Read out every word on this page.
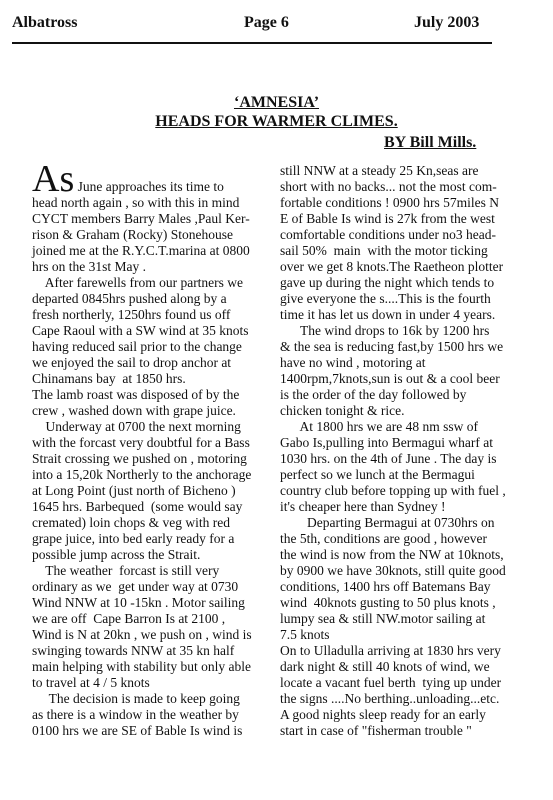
Albatross	Page 6	July 2003
‘AMNESIA’
HEADS FOR WARMER CLIMES.
BY Bill Mills.
As June approaches its time to
head north again , so with this in mind
CYCT members Barry Males ,Paul Ker-
rison & Graham (Rocky) Stonehouse
joined me at the R.Y.C.T.marina at 0800
hrs on the 31st May .
After farewells from our partners we
departed 0845hrs pushed along by a
fresh northerly, 1250hrs found us off
Cape Raoul with a SW wind at 35 knots
having reduced sail prior to the change
we enjoyed the sail to drop anchor at
Chinamans bay  at 1850 hrs.
The lamb roast was disposed of by the
crew , washed down with grape juice.
Underway at 0700 the next morning
with the forcast very doubtful for a Bass
Strait crossing we pushed on , motoring
into a 15,20k Northerly to the anchorage
at Long Point (just north of Bicheno )
1645 hrs. Barbequed  (some would say
cremated) loin chops & veg with red
grape juice, into bed early ready for a
possible jump across the Strait.
The weather  forcast is still very
ordinary as we  get under way at 0730
Wind NNW at 10 -15kn . Motor sailing
we are off  Cape Barron Is at 2100 ,
Wind is N at 20kn , we push on , wind is
swinging towards NNW at 35 kn half
main helping with stability but only able
to travel at 4 / 5 knots
The decision is made to keep going
as there is a window in the weather by
0100 hrs we are SE of Bable Is wind is
still NNW at a steady 25 Kn,seas are
short with no backs... not the most com-
fortable conditions ! 0900 hrs 57miles N
E of Bable Is wind is 27k from the west
comfortable conditions under no3 head-
sail 50%  main  with the motor ticking
over we get 8 knots.The Raetheon plotter
gave up during the night which tends to
give everyone the s....This is the fourth
time it has let us down in under 4 years.
The wind drops to 16k by 1200 hrs
& the sea is reducing fast,by 1500 hrs we
have no wind , motoring at
1400rpm,7knots,sun is out & a cool beer
is the order of the day followed by
chicken tonight & rice.
At 1800 hrs we are 48 nm ssw of
Gabo Is,pulling into Bermagui wharf at
1030 hrs. on the 4th of June . The day is
perfect so we lunch at the Bermagui
country club before topping up with fuel ,
it's cheaper here than Sydney !
Departing Bermagui at 0730hrs on
the 5th, conditions are good , however
the wind is now from the NW at 10knots,
by 0900 we have 30knots, still quite good
conditions, 1400 hrs off Batemans Bay
wind  40knots gusting to 50 plus knots ,
lumpy sea & still NW.motor sailing at
7.5 knots
On to Ulladulla arriving at 1830 hrs very
dark night & still 40 knots of wind, we
locate a vacant fuel berth  tying up under
the signs ....No berthing..unloading...etc.
A good nights sleep ready for an early
start in case of "fisherman trouble "
